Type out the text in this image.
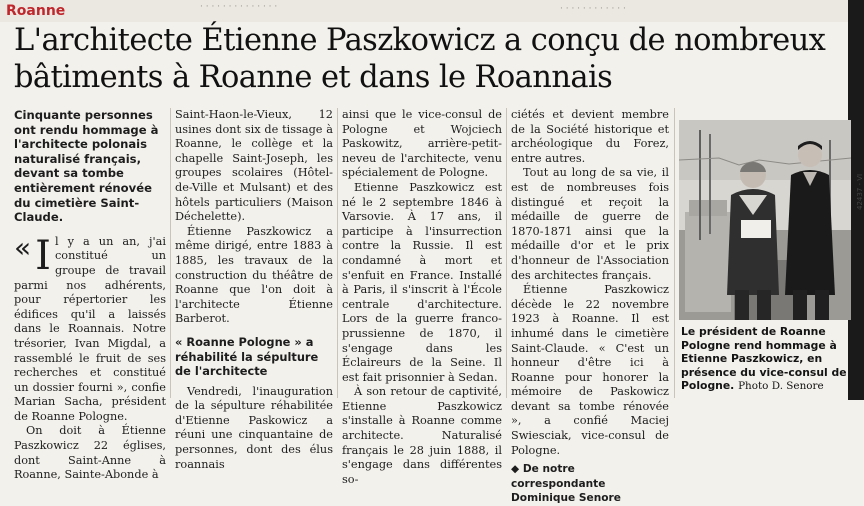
· · · · · · · · · · · · · ·	· · · · · · · · · · · ·
Roanne
L'architecte Étienne Paszkowicz a conçu de nombreux bâtiments à Roanne et dans le Roannais

Cinquante personnes ont rendu hommage à l'architecte polonais naturalisé français, devant sa tombe entièrement rénovée du cimetière Saint-Claude.

« I l y a un an, j'ai constitué un groupe de travail parmi nos adhérents, pour répertorier les édifices qu'il a laissés dans le Roannais. Notre trésorier, Ivan Migdal, a rassemblé le fruit de ses recherches et constitué un dossier fourni », confie Marian Sacha, président de Roanne Pologne.

On doit à Étienne Paszkowicz 22 églises, dont Saint-Anne à Roanne, Sainte-Abonde à

Saint-Haon-le-Vieux, 12 usines dont six de tissage à Roanne, le collège et la chapelle Saint-Joseph, les groupes scolaires (Hôtel-de-Ville et Mulsant) et des hôtels particuliers (Maison Déchelette).

Étienne Paszkowicz a même dirigé, entre 1883 à 1885, les travaux de la construction du théâtre de Roanne que l'on doit à l'architecte Étienne Barberot.

« Roanne Pologne » a réhabilité la sépulture de l'architecte

Vendredi, l'inauguration de la sépulture réhabilitée d'Etienne Paskowicz a réuni une cinquantaine de personnes, dont des élus roannais

ainsi que le vice-consul de Pologne et Wojciech Paskowitz, arrière-petit-neveu de l'architecte, venu spécialement de Pologne.

Etienne Paszkowicz est né le 2 septembre 1846 à Varsovie. À 17 ans, il participe à l'insurrection contre la Russie. Il est condamné à mort et s'enfuit en France. Installé à Paris, il s'inscrit à l'École centrale d'architecture. Lors de la guerre franco-prussienne de 1870, il s'engage dans les Éclaireurs de la Seine. Il est fait prisonnier à Sedan.

À son retour de captivité, Etienne Paszkowicz s'installe à Roanne comme architecte. Naturalisé français le 28 juin 1888, il s'engage dans différentes so-

ciétés et devient membre de la Société historique et archéologique du Forez, entre autres.

Tout au long de sa vie, il est de nombreuses fois distingué et reçoit la médaille de guerre de 1870-1871 ainsi que la médaille d'or et le prix d'honneur de l'Association des architectes français.

Étienne Paszkowicz décède le 22 novembre 1923 à Roanne. Il est inhumé dans le cimetière Saint-Claude. « C'est un honneur d'être ici à Roanne pour honorer la mémoire de Paskowicz devant sa tombe rénovée », a confié Maciej Swiesciak, vice-consul de Pologne.

◆ De notre correspondante

Dominique Senore

Le président de Roanne Pologne rend hommage à Etienne Paszkowicz, en présence du vice-consul de Pologne. Photo D. Senore
42437 - VI
